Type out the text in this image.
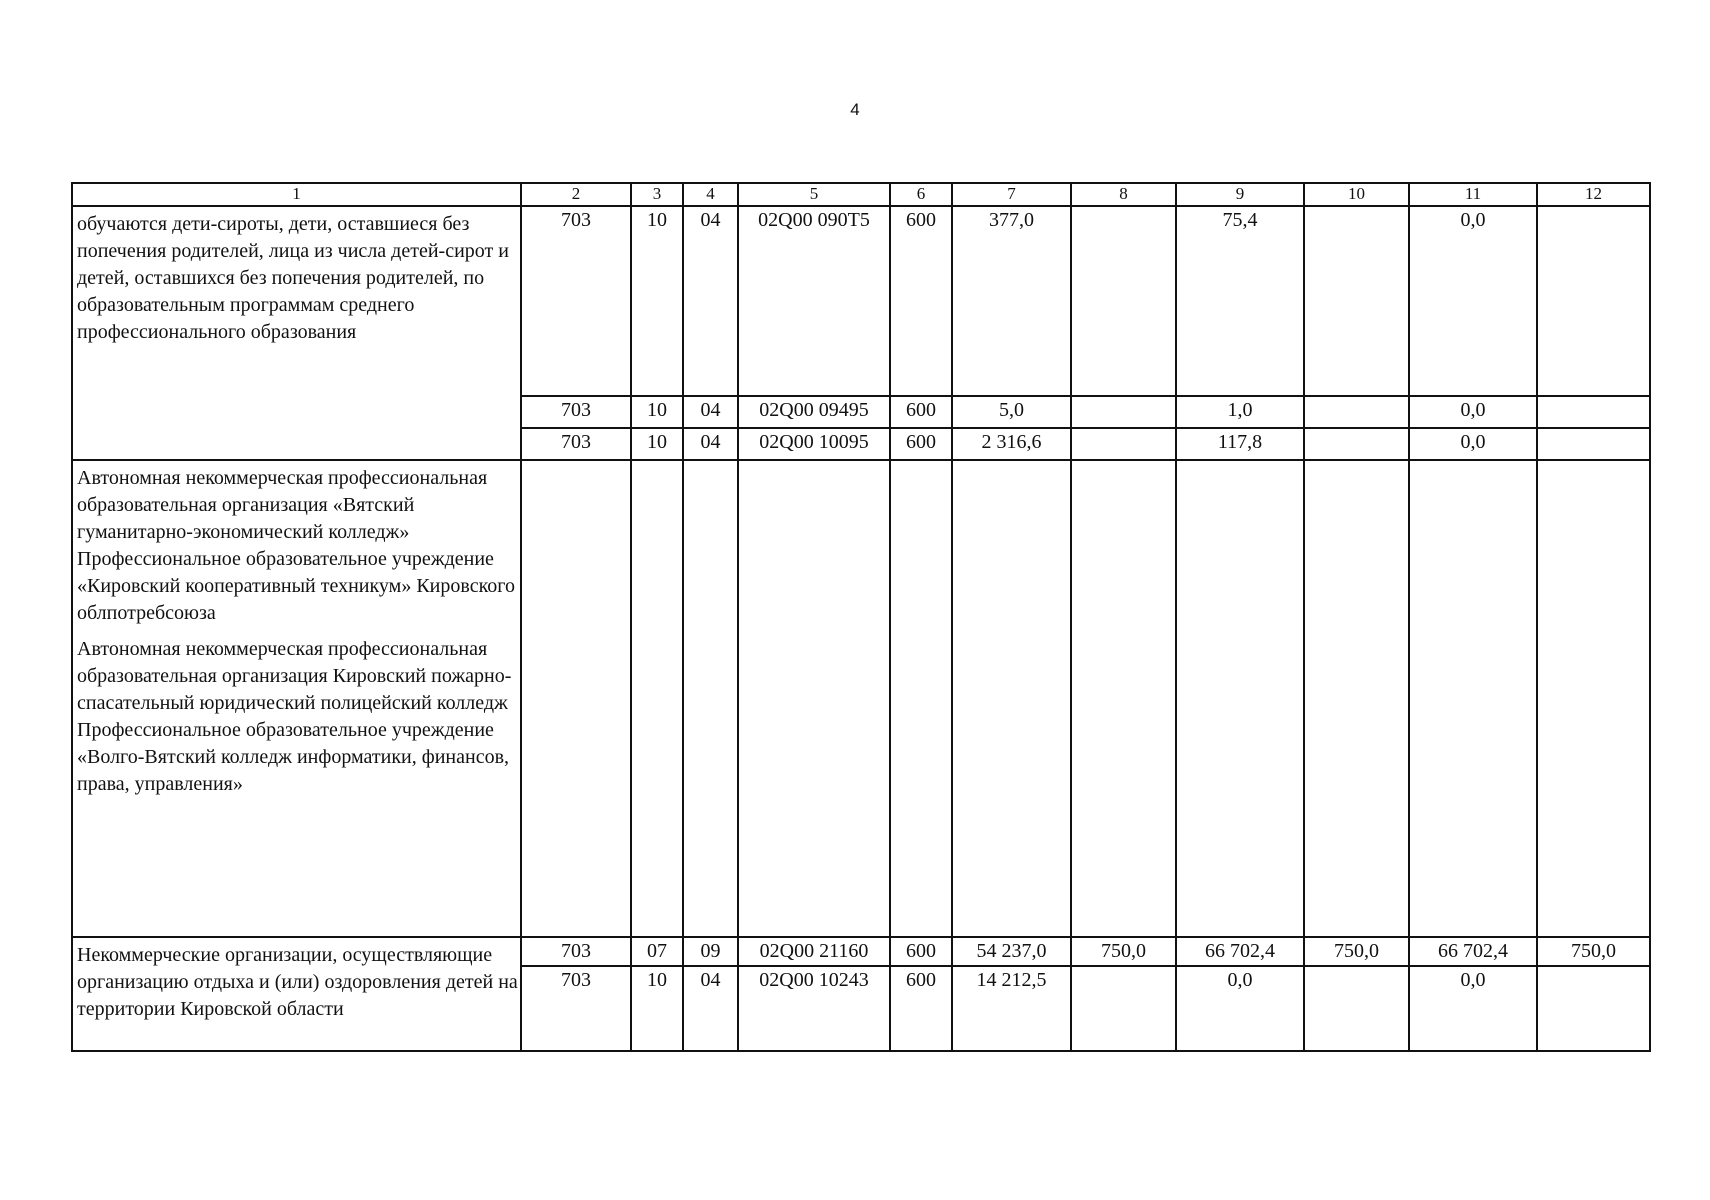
4
1	2	3	4	5	6	7	8	9	10	11	12
обучаются дети-сироты, дети, оставшиеся без попечения родителей, лица из числа детей-сирот и детей, оставшихся без попечения родителей, по образовательным программам среднего профессионального образования	703	10	04	02Q00 090T5	600	377,0		75,4		0,0	
	703	10	04	02Q00 09495	600	5,0		1,0		0,0	
	703	10	04	02Q00 10095	600	2 316,6		117,8		0,0	

Автономная некоммерческая профессиональная образовательная организация «Вятский гуманитарно-экономический колледж» Профессиональное образовательное учреждение «Кировский кооперативный техникум» Кировского облпотребсоюза
Автономная некоммерческая профессиональная образовательная организация Кировский пожарно-спасательный юридический полицейский колледж Профессиональное образовательное учреждение «Волго-Вятский колледж информатики, финансов, права, управления»											

Некоммерческие организации, осуществляющие организацию отдыха и (или) оздоровления детей на территории Кировской области	703	07	09	02Q00 21160	600	54 237,0	750,0	66 702,4	750,0	66 702,4	750,0
	703	10	04	02Q00 10243	600	14 212,5		0,0		0,0	
